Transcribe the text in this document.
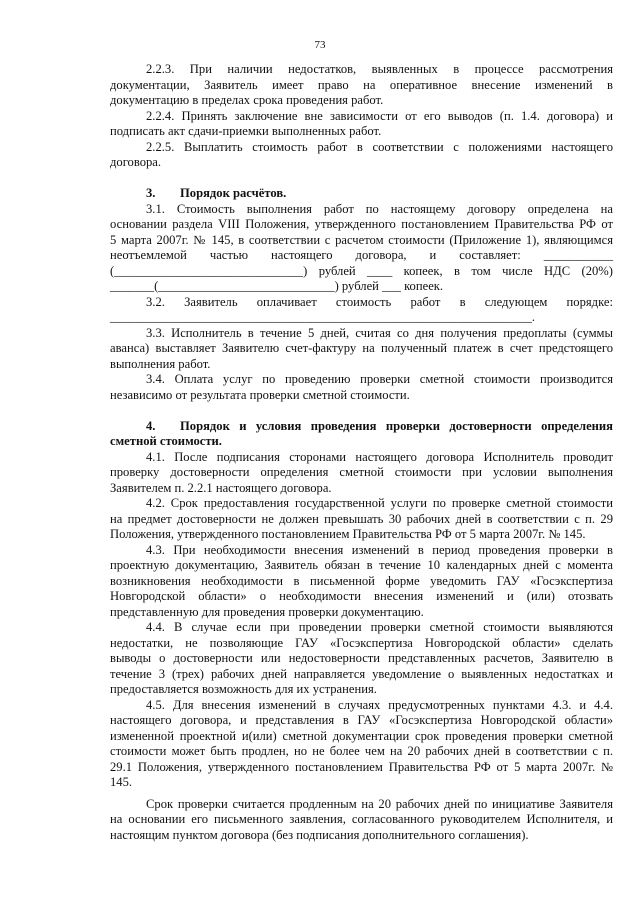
73
2.2.3. При наличии недостатков, выявленных в процессе рассмотрения
документации, Заявитель имеет право на оперативное внесение изменений в
документацию в пределах срока проведения работ.
2.2.4. Принять заключение вне зависимости от его выводов (п. 1.4. договора) и
подписать акт сдачи-приемки выполненных работ.
2.2.5. Выплатить стоимость работ в соответствии с положениями настоящего
договора.
3. Порядок расчётов.
3.1. Стоимость выполнения работ по настоящему договору определена на
основании раздела VIII Положения, утвержденного постановлением Правительства РФ от
5 марта 2007г. № 145, в соответствии с расчетом стоимости (Приложение 1), являющимся
неотъемлемой частью настоящего договора, и составляет: ___________
(______________________________) рублей ____ копеек, в том числе НДС (20%)
_______(____________________________) рублей ___ копеек.
3.2. Заявитель оплачивает стоимость работ в следующем порядке:
___________________________________________________________________.
3.3. Исполнитель в течение 5 дней, считая со дня получения предоплаты (суммы
аванса) выставляет Заявителю счет-фактуру на полученный платеж в счет предстоящего
выполнения работ.
3.4. Оплата услуг по проведению проверки сметной стоимости производится
независимо от результата проверки сметной стоимости.
4. Порядок и условия проведения проверки достоверности определения
сметной стоимости.
4.1. После подписания сторонами настоящего договора Исполнитель проводит
проверку достоверности определения сметной стоимости при условии выполнения
Заявителем п. 2.2.1 настоящего договора.
4.2. Срок предоставления государственной услуги по проверке сметной стоимости
на предмет достоверности не должен превышать 30 рабочих дней в соответствии с п. 29
Положения, утвержденного постановлением Правительства РФ от 5 марта 2007г. № 145.
4.3. При необходимости внесения изменений в период проведения проверки в
проектную документацию, Заявитель обязан в течение 10 календарных дней с момента
возникновения необходимости в письменной форме уведомить ГАУ «Госэкспертиза
Новгородской области» о необходимости внесения изменений и (или) отозвать
представленную для проведения проверки документацию.
4.4. В случае если при проведении проверки сметной стоимости выявляются
недостатки, не позволяющие ГАУ «Госэкспертиза Новгородской области» сделать
выводы о достоверности или недостоверности представленных расчетов, Заявителю в
течение 3 (трех) рабочих дней направляется уведомление о выявленных недостатках и
предоставляется возможность для их устранения.
4.5. Для внесения изменений в случаях предусмотренных пунктами 4.3. и 4.4.
настоящего договора, и представления в ГАУ «Госэкспертиза Новгородской области»
измененной проектной и(или) сметной документации срок проведения проверки сметной
стоимости может быть продлен, но не более чем на 20 рабочих дней в соответствии с п.
29.1 Положения, утвержденного постановлением Правительства РФ от 5 марта 2007г. №
145.
Срок проверки считается продленным на 20 рабочих дней по инициативе Заявителя
на основании его письменного заявления, согласованного руководителем Исполнителя, и
настоящим пунктом договора (без подписания дополнительного соглашения).
